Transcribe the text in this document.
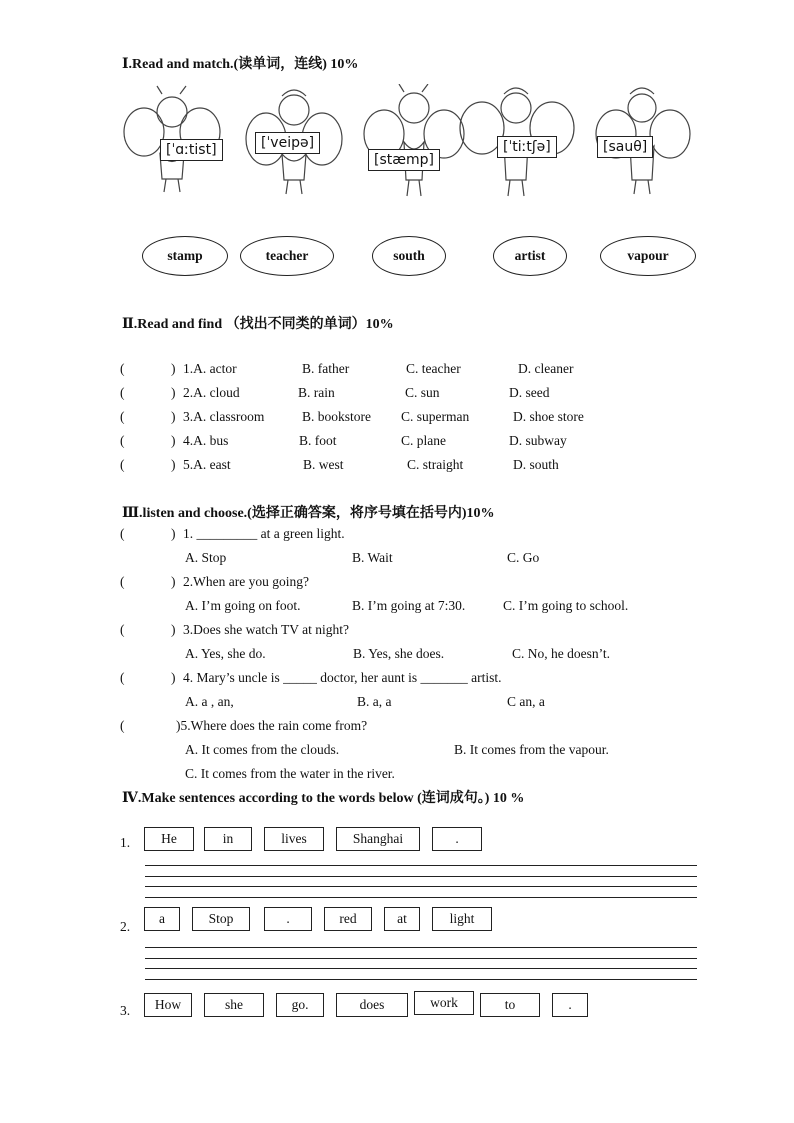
Ⅰ.Read and match.(读单词，连线) 10%
[ˈɑːtist]	[ˈveipə]
[stæmp]
[ˈtiːtʃə]	[sauθ]
stamp	teacher	south	artist	vapour
Ⅱ.Read and find （找出不同类的单词）10%
(	) 1.A. actor	B. father	C. teacher	D. cleaner
(	) 2.A. cloud	B. rain	C. sun	D. seed
(	) 3.A. classroom	B. bookstore C. superman	D. shoe store
(	) 4.A. bus	B. foot	C. plane	D. subway
(	) 5.A. east	B. west	C. straight	D. south
Ⅲ.listen and choose.(选择正确答案，将序号填在括号内)10%
(	) 1. _________ at a green light.
A. Stop	B. Wait	C. Go
(	) 2.When are you going?
A. I’m going on foot.	B. I’m going at 7:30.	C. I’m going to school.
(	) 3.Does she watch TV at night?
A. Yes, she do.	B. Yes, she does.	C. No, he doesn’t.
(	) 4. Mary’s uncle is _____ doctor, her aunt is _______ artist.
A. a , an,	B. a, a	C an, a
(	)5.Where does the rain come from?
A. It comes from the clouds.	B. It comes from the vapour.
C. It comes from the water in the river.
Ⅳ.Make sentences according to the words below (连词成句。) 10 %
1.	He	in	lives	Shanghai	.
2.
a	Stop	.	red	at	light
3.	How	she	go.	does	work	to	.
